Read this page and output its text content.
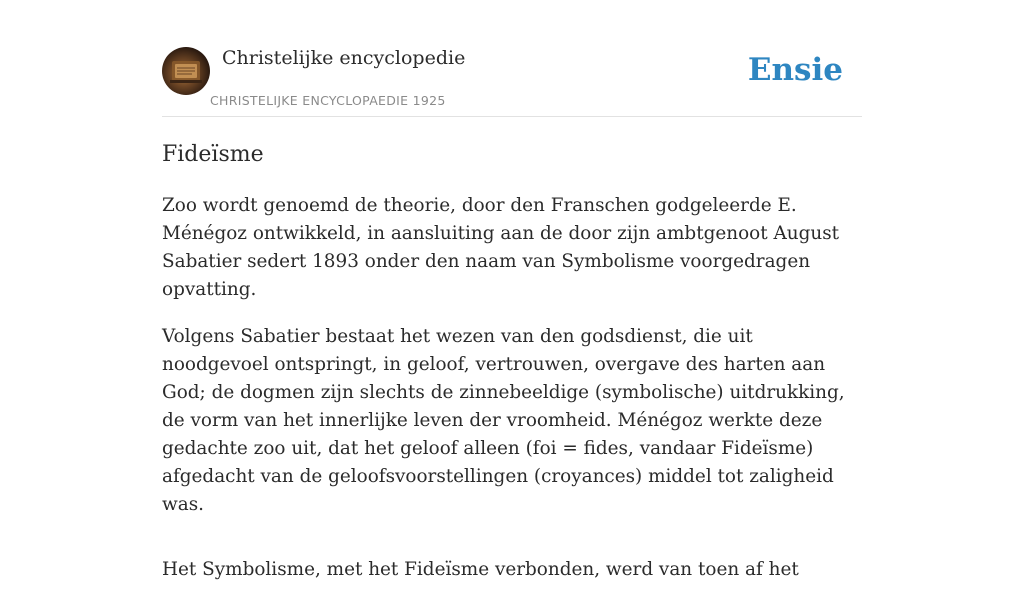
Christelijke encyclopedie
CHRISTELIJKE ENCYCLOPAEDIE 1925
Ensie
Fideïsme

Zoo wordt genoemd de theorie, door den Franschen godgeleerde E. Ménégoz ontwikkeld, in aansluiting aan de door zijn ambtgenoot August Sabatier sedert 1893 onder den naam van Symbolisme voorgedragen opvatting.

Volgens Sabatier bestaat het wezen van den godsdienst, die uit noodgevoel ontspringt, in geloof, vertrouwen, overgave des harten aan God; de dogmen zijn slechts de zinnebeeldige (symbolische) uitdrukking, de vorm van het innerlijke leven der vroomheid. Ménégoz werkte deze gedachte zoo uit, dat het geloof alleen (foi = fides, vandaar Fideïsme) afgedacht van de geloofsvoorstellingen (croyances) middel tot zaligheid was.

Het Symbolisme, met het Fideïsme verbonden, werd van toen af het
